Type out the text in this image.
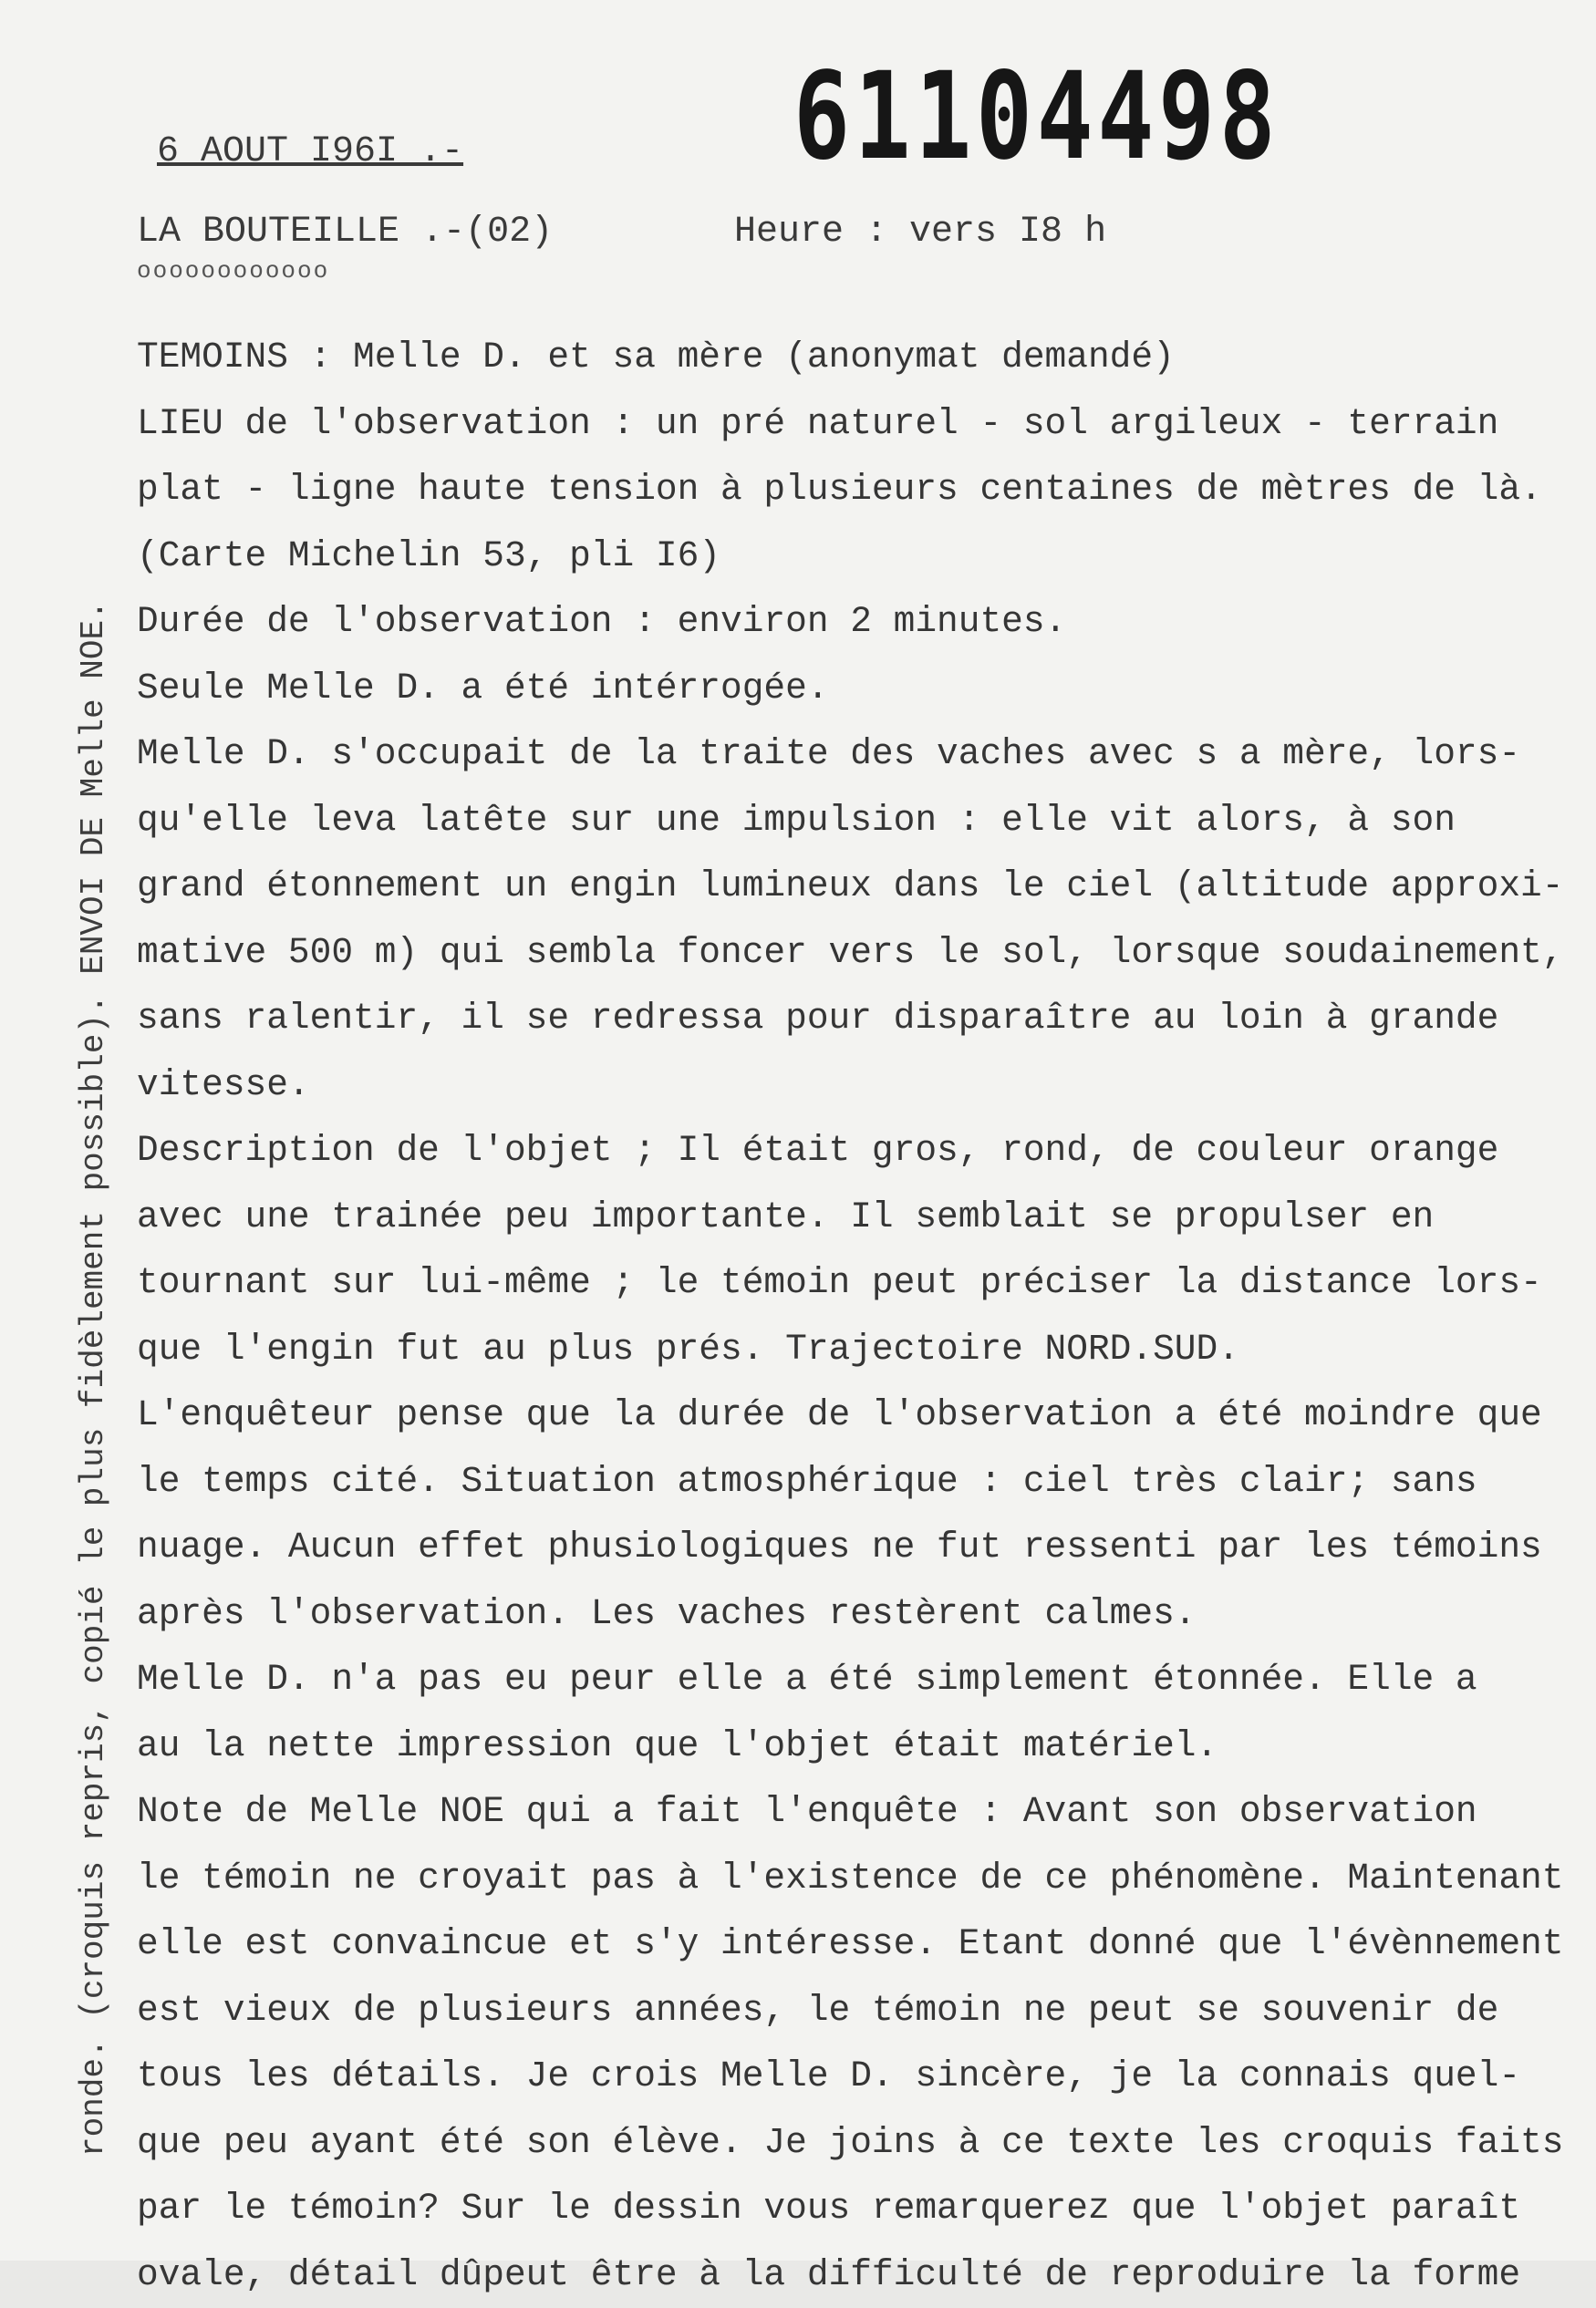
61104498
6 AOUT I96I .-
LA BOUTEILLE .-(02)
oooooooooooo
Heure : vers I8 h
TEMOINS : Melle D. et sa mère (anonymat demandé)
LIEU de l'observation : un pré naturel - sol argileux - terrain
plat - ligne haute tension à plusieurs centaines de mètres de là.
(Carte Michelin 53, pli I6)
Durée de l'observation : environ 2 minutes.
Seule Melle D. a été intérrogée.
Melle D. s'occupait de la traite des vaches avec s a mère, lors-
qu'elle leva latête sur une impulsion : elle vit alors, à son
grand étonnement un engin lumineux dans le ciel (altitude approxi-
mative 500 m) qui sembla foncer vers le sol, lorsque soudainement,
sans ralentir, il se redressa pour disparaître au loin à grande
vitesse.
Description de l'objet ; Il était gros, rond, de couleur orange
avec une trainée peu importante. Il semblait se propulser en
tournant sur lui-même ; le témoin peut préciser la distance lors-
que l'engin fut au plus prés. Trajectoire NORD.SUD.
L'enquêteur pense que la durée de l'observation a été moindre que
le temps cité. Situation atmosphérique : ciel très clair; sans
nuage. Aucun effet phusiologiques ne fut ressenti par les témoins
après l'observation. Les vaches restèrent calmes.
Melle D. n'a pas eu peur elle a été simplement étonnée. Elle a
au la nette impression que l'objet était matériel.
Note de Melle NOE qui a fait l'enquête : Avant son observation
le témoin ne croyait pas à l'existence de ce phénomène. Maintenant
elle est convaincue et s'y intéresse. Etant donné que l'évènnement
est vieux de plusieurs années, le témoin ne peut se souvenir de
tous les détails. Je crois Melle D. sincère, je la connais quel-
que peu ayant été son élève. Je joins à ce texte les croquis faits
par le témoin? Sur le dessin vous remarquerez que l'objet paraît
ovale, détail dûpeut être à la difficulté de reproduire la forme
ronde. (croquis repris, copié le plus fidèlement possible). ENVOI DE Melle NOE.
